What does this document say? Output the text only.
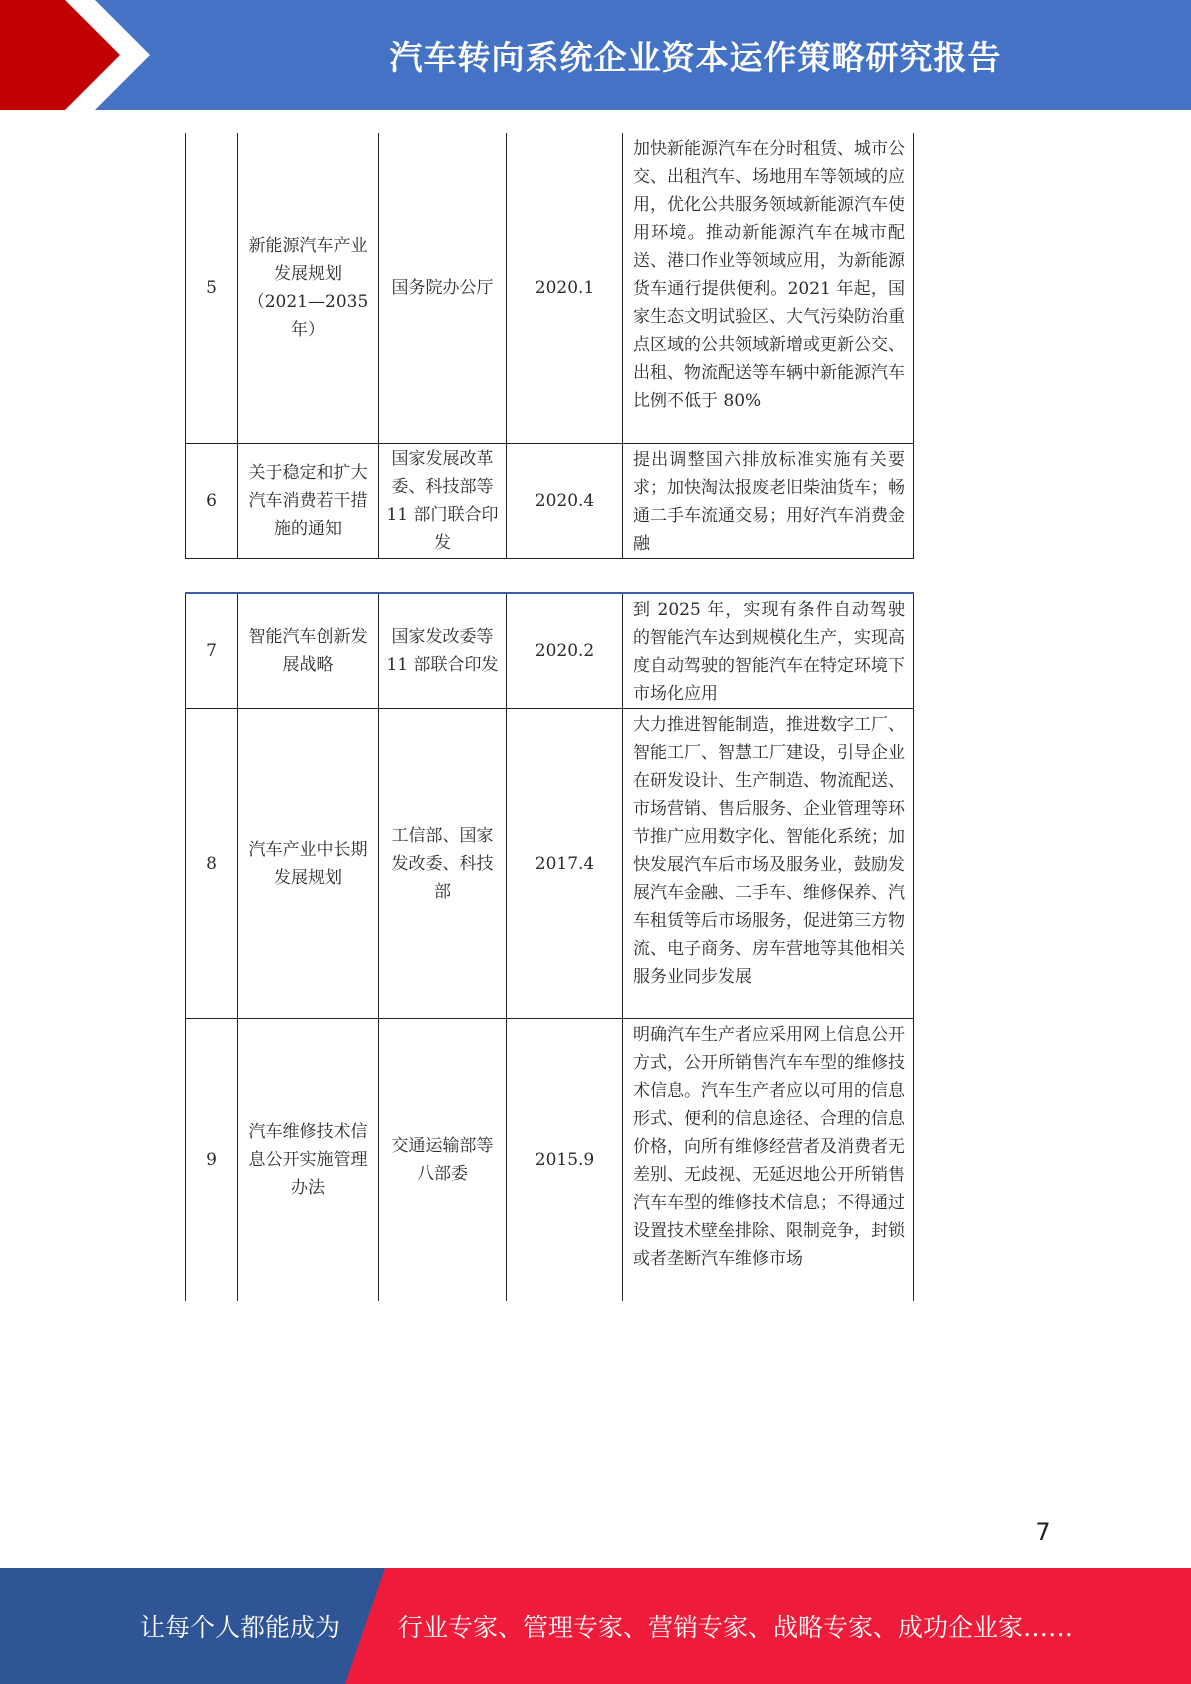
汽车转向系统企业资本运作策略研究报告
5	新能源汽车产业发展规划（2021—2035年）	国务院办公厅	2020.1	加快新能源汽车在分时租赁、城市公交、出租汽车、场地用车等领域的应用，优化公共服务领域新能源汽车使用环境。推动新能源汽车在城市配送、港口作业等领域应用，为新能源货车通行提供便利。2021 年起，国家生态文明试验区、大气污染防治重点区域的公共领域新增或更新公交、出租、物流配送等车辆中新能源汽车比例不低于 80%
6	关于稳定和扩大汽车消费若干措施的通知	国家发展改革委、科技部等 11 部门联合印发	2020.4	提出调整国六排放标准实施有关要求；加快淘汰报废老旧柴油货车；畅通二手车流通交易；用好汽车消费金融
7	智能汽车创新发展战略	国家发改委等 11 部联合印发	2020.2	到 2025 年，实现有条件自动驾驶的智能汽车达到规模化生产，实现高度自动驾驶的智能汽车在特定环境下市场化应用
8	汽车产业中长期发展规划	工信部、国家发改委、科技部	2017.4	大力推进智能制造，推进数字工厂、智能工厂、智慧工厂建设，引导企业在研发设计、生产制造、物流配送、市场营销、售后服务、企业管理等环节推广应用数字化、智能化系统；加快发展汽车后市场及服务业，鼓励发展汽车金融、二手车、维修保养、汽车租赁等后市场服务，促进第三方物流、电子商务、房车营地等其他相关服务业同步发展
9	汽车维修技术信息公开实施管理办法	交通运输部等八部委	2015.9	明确汽车生产者应采用网上信息公开方式，公开所销售汽车车型的维修技术信息。汽车生产者应以可用的信息形式、便利的信息途径、合理的信息价格，向所有维修经营者及消费者无差别、无歧视、无延迟地公开所销售汽车车型的维修技术信息；不得通过设置技术壁垒排除、限制竞争，封锁或者垄断汽车维修市场
7
让每个人都能成为 行业专家、管理专家、营销专家、战略专家、成功企业家……
